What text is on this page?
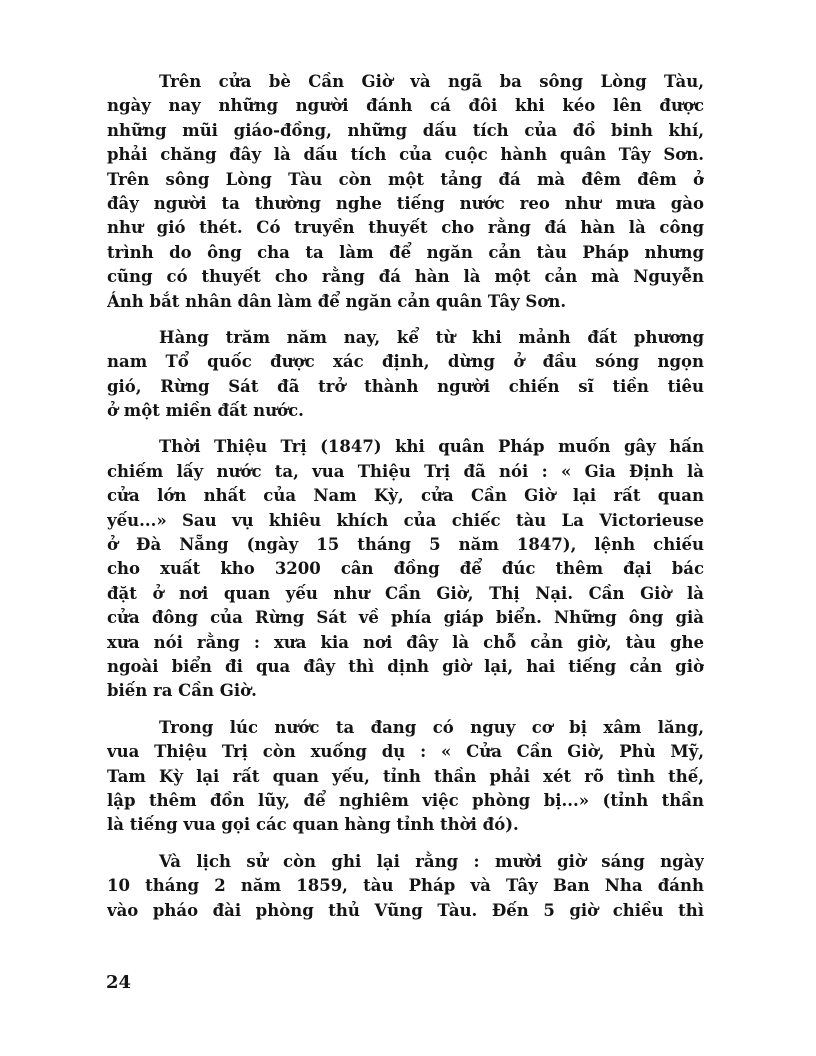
Trên cửa bè Cần Giờ và ngã ba sông Lòng Tàu,
ngày nay những người đánh cá đôi khi kéo lên được
những mũi giáo-đồng, những dấu tích của đồ binh khí,
phải chăng đây là dấu tích của cuộc hành quân Tây Sơn.
Trên sông Lòng Tàu còn một tảng đá mà đêm đêm ở
đây người ta thường nghe tiếng nước reo như mưa gào
như gió thét. Có truyền thuyết cho rằng đá hàn là công
trình do ông cha ta làm để ngăn cản tàu Pháp nhưng
cũng có thuyết cho rằng đá hàn là một cản mà Nguyễn
Ánh bắt nhân dân làm để ngăn cản quân Tây Sơn.
Hàng trăm năm nay, kể từ khi mảnh đất phương
nam Tổ quốc được xác định, dừng ở đầu sóng ngọn
gió, Rừng Sát đã trở thành người chiến sĩ tiền tiêu
ở một miền đất nước.
Thời Thiệu Trị (1847) khi quân Pháp muốn gây hấn
chiếm lấy nước ta, vua Thiệu Trị đã nói : « Gia Định là
cửa lớn nhất của Nam Kỳ, cửa Cần Giờ lại rất quan
yếu...» Sau vụ khiêu khích của chiếc tàu La Victorieuse
ở Đà Nẵng (ngày 15 tháng 5 năm 1847), lệnh chiếu
cho xuất kho 3200 cân đồng để đúc thêm đại bác
đặt ở nơi quan yếu như Cần Giờ, Thị Nại. Cần Giờ là
cửa đông của Rừng Sát về phía giáp biển. Những ông già
xưa nói rằng : xưa kia nơi đây là chỗ cản giờ, tàu ghe
ngoài biển đi qua đây thì dịnh giờ lại, hai tiếng cản giờ
biến ra Cần Giờ.
Trong lúc nước ta đang có nguy cơ bị xâm lăng,
vua Thiệu Trị còn xuống dụ : « Cửa Cần Giờ, Phù Mỹ,
Tam Kỳ lại rất quan yếu, tỉnh thần phải xét rõ tình thế,
lập thêm đồn lũy, để nghiêm việc phòng bị...» (tỉnh thần
là tiếng vua gọi các quan hàng tỉnh thời đó).
Và lịch sử còn ghi lại rằng : mười giờ sáng ngày
10 tháng 2 năm 1859, tàu Pháp và Tây Ban Nha đánh
vào pháo đài phòng thủ Vũng Tàu. Đến 5 giờ chiều thì
24
